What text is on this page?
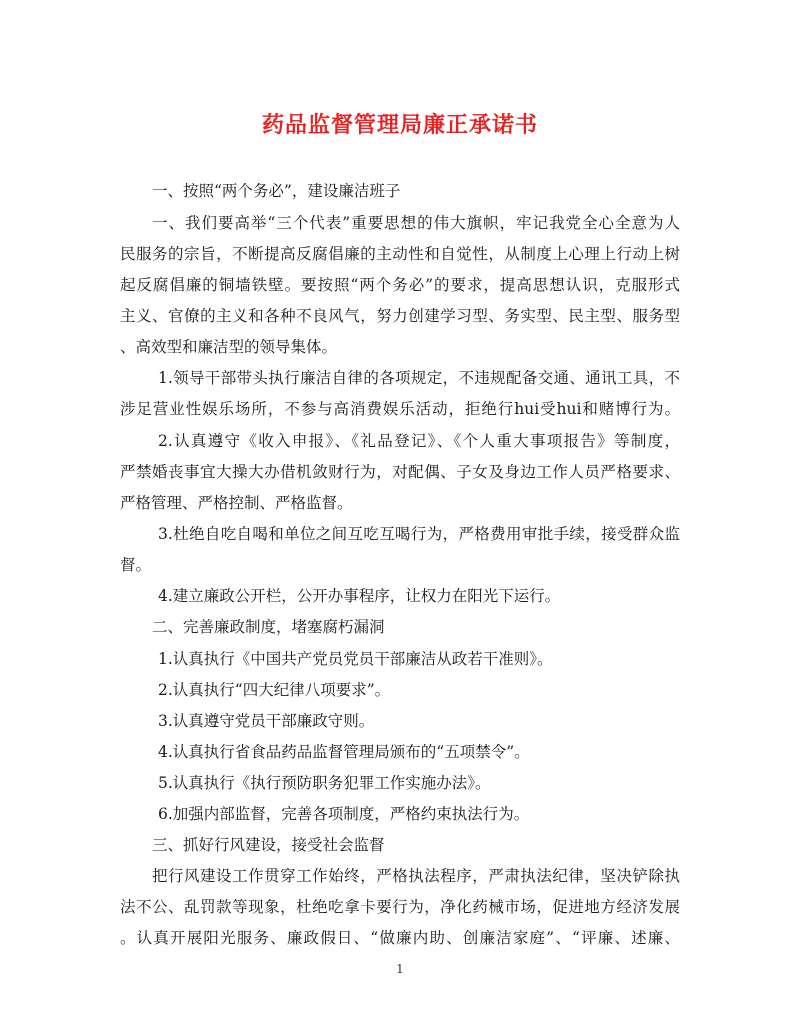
药品监督管理局廉正承诺书

一、按照“两个务必”，建设廉洁班子

一、我们要高举“三个代表”重要思想的伟大旗帜，牢记我党全心全意为人

民服务的宗旨，不断提高反腐倡廉的主动性和自觉性，从制度上心理上行动上树

起反腐倡廉的铜墙铁壁。要按照“两个务必”的要求，提高思想认识，克服形式

主义、官僚的主义和各种不良风气，努力创建学习型、务实型、民主型、服务型

、高效型和廉洁型的领导集体。

1.领导干部带头执行廉洁自律的各项规定，不违规配备交通、通讯工具，不

涉足营业性娱乐场所，不参与高消费娱乐活动，拒绝行hui受hui和赌博行为。

2.认真遵守《收入申报》、《礼品登记》、《个人重大事项报告》等制度，

严禁婚丧事宜大操大办借机敛财行为，对配偶、子女及身边工作人员严格要求、

严格管理、严格控制、严格监督。

3.杜绝自吃自喝和单位之间互吃互喝行为，严格费用审批手续，接受群众监

督。

4.建立廉政公开栏，公开办事程序，让权力在阳光下运行。

二、完善廉政制度，堵塞腐朽漏洞

1.认真执行《中国共产党员党员干部廉洁从政若干准则》。

2.认真执行“四大纪律八项要求”。

3.认真遵守党员干部廉政守则。

4.认真执行省食品药品监督管理局颁布的“五项禁令”。

5.认真执行《执行预防职务犯罪工作实施办法》。

6.加强内部监督，完善各项制度，严格约束执法行为。

三、抓好行风建设，接受社会监督

把行风建设工作贯穿工作始终，严格执法程序，严肃执法纪律，坚决铲除执

法不公、乱罚款等现象，杜绝吃拿卡要行为，净化药械市场，促进地方经济发展

。认真开展阳光服务、廉政假日、“做廉内助、创廉洁家庭”、“评廉、述廉、

1
